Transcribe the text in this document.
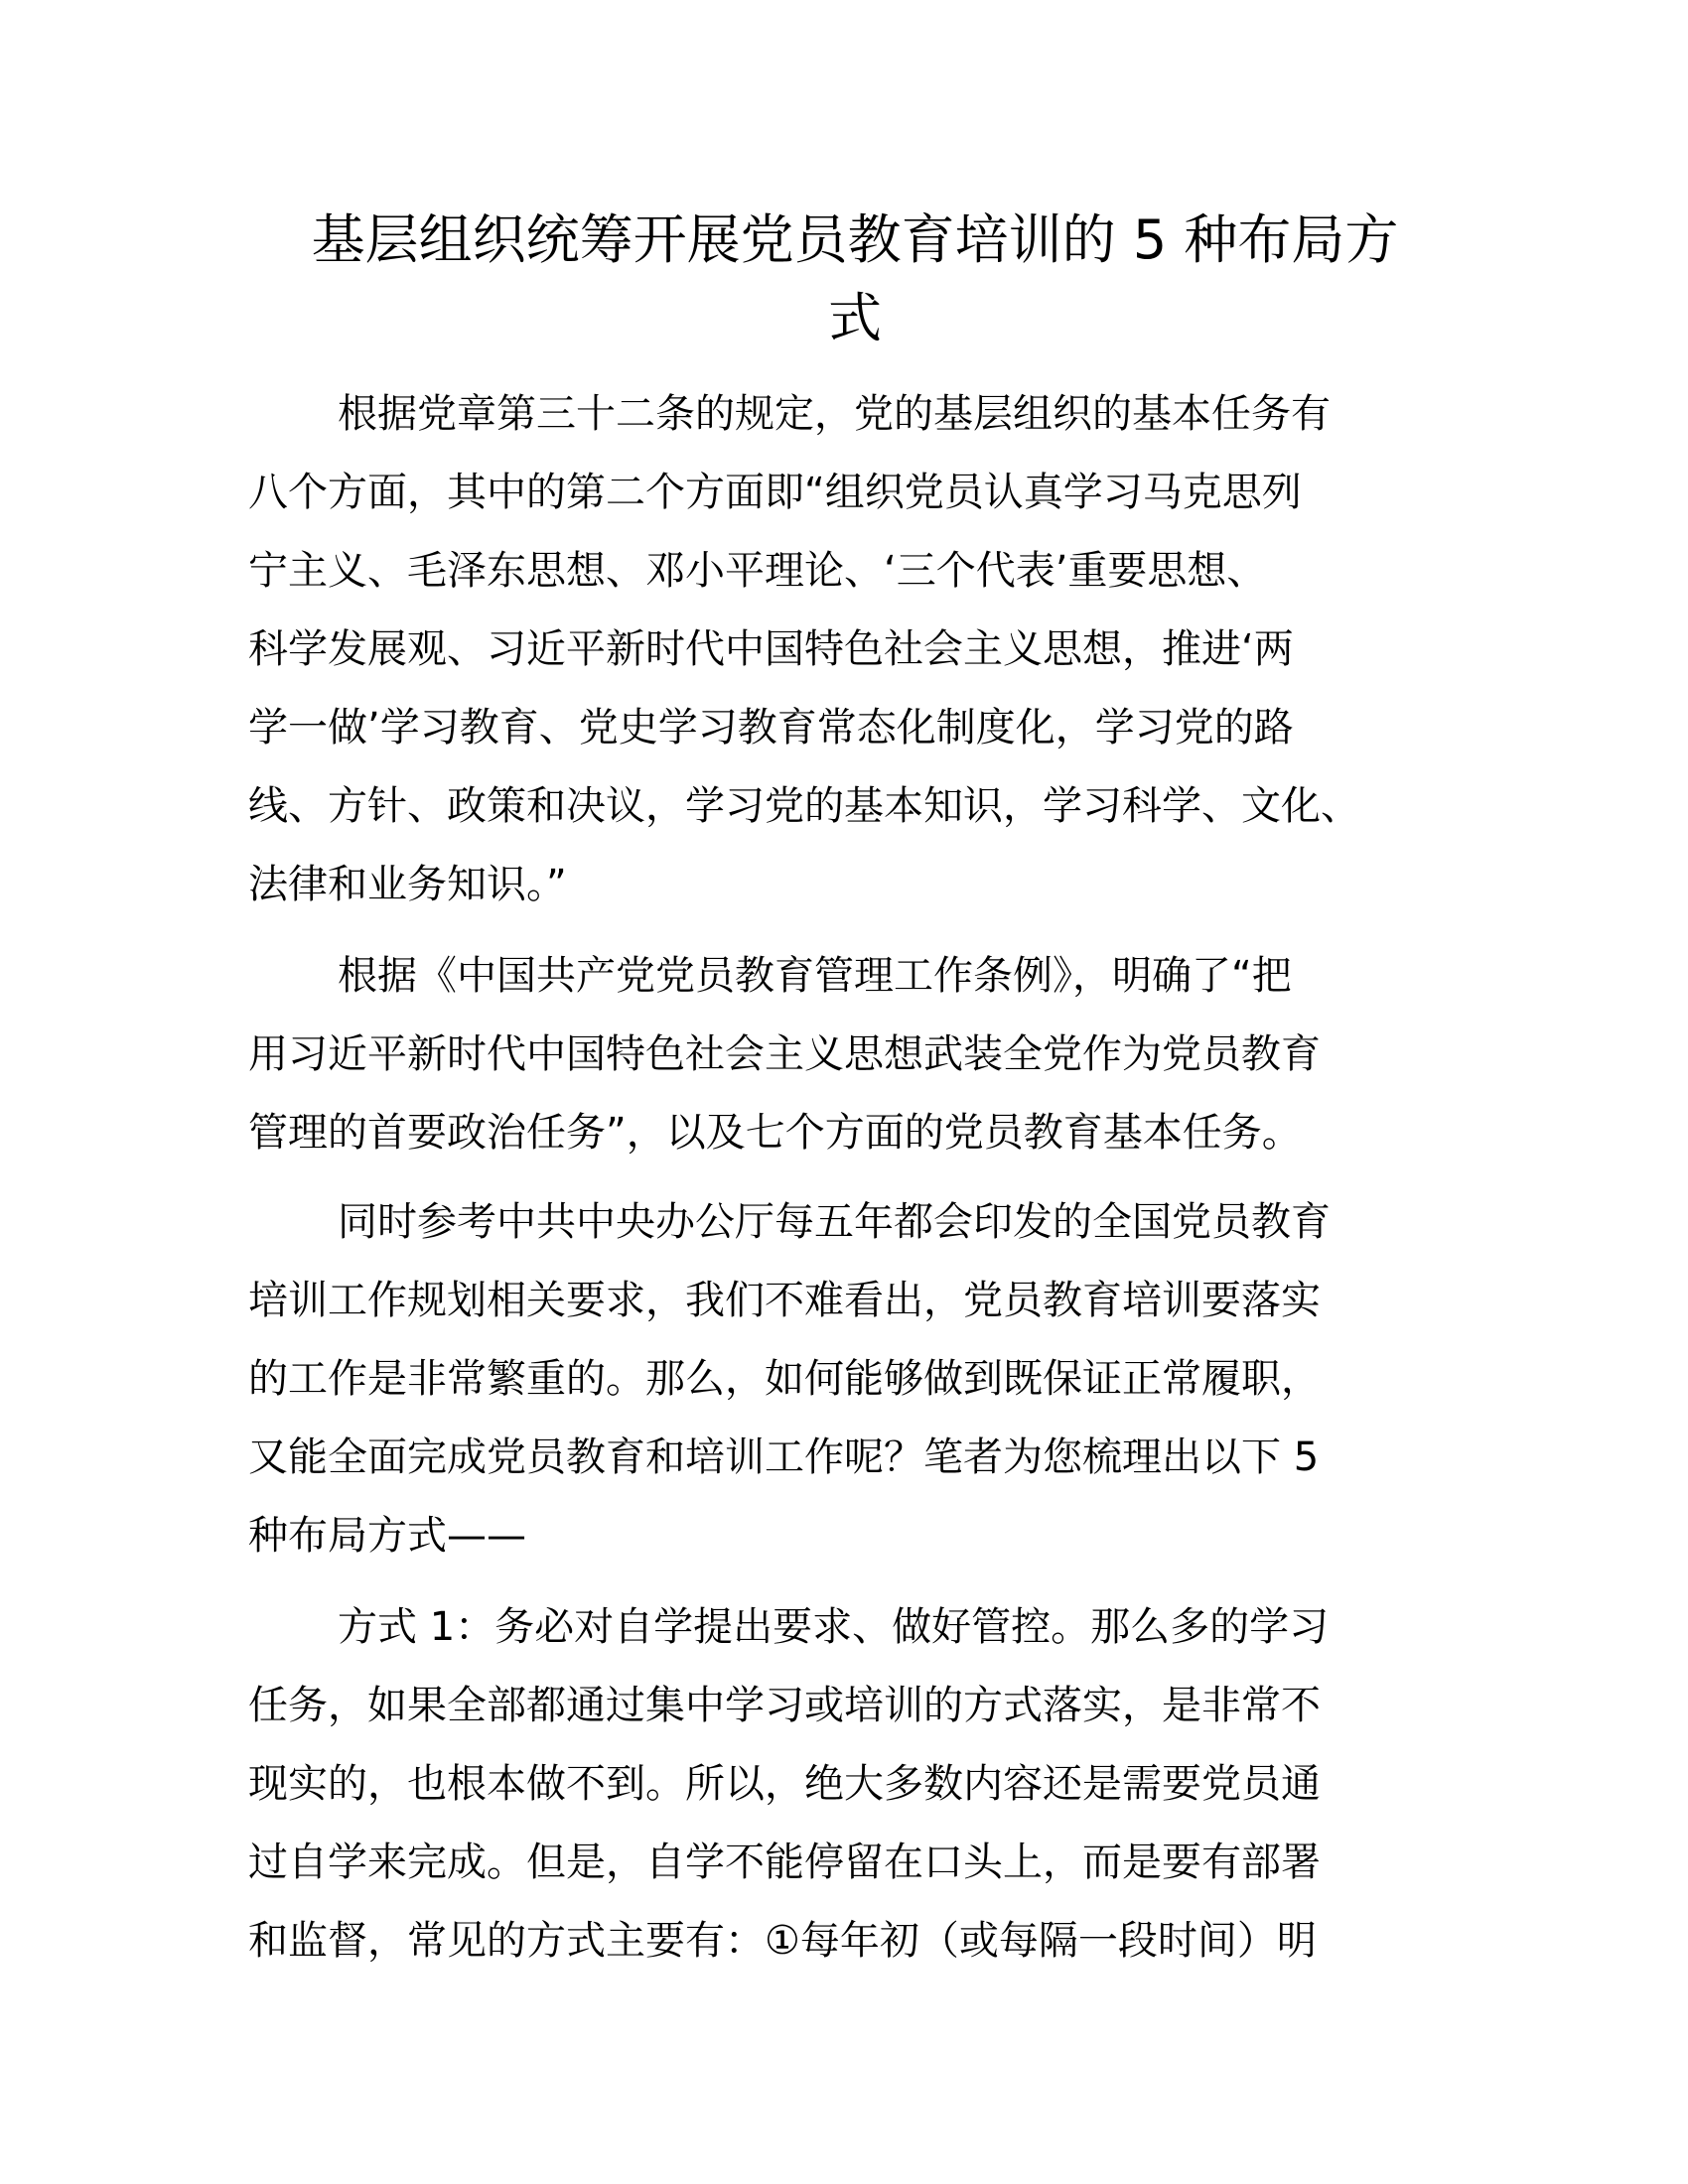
基层组织统筹开展党员教育培训的 5 种布局方
式
根据党章第三十二条的规定，党的基层组织的基本任务有
八个方面，其中的第二个方面即“组织党员认真学习马克思列
宁主义、毛泽东思想、邓小平理论、‘三个代表’重要思想、
科学发展观、习近平新时代中国特色社会主义思想，推进‘两
学一做’学习教育、党史学习教育常态化制度化，学习党的路
线、方针、政策和决议，学习党的基本知识，学习科学、文化、
法律和业务知识。”
根据《中国共产党党员教育管理工作条例》，明确了“把
用习近平新时代中国特色社会主义思想武装全党作为党员教育
管理的首要政治任务”，以及七个方面的党员教育基本任务。
同时参考中共中央办公厅每五年都会印发的全国党员教育
培训工作规划相关要求，我们不难看出，党员教育培训要落实
的工作是非常繁重的。那么，如何能够做到既保证正常履职，
又能全面完成党员教育和培训工作呢？笔者为您梳理出以下 5
种布局方式——
方式 1：务必对自学提出要求、做好管控。那么多的学习
任务，如果全部都通过集中学习或培训的方式落实，是非常不
现实的，也根本做不到。所以，绝大多数内容还是需要党员通
过自学来完成。但是，自学不能停留在口头上，而是要有部署
和监督，常见的方式主要有：①每年初（或每隔一段时间）明
